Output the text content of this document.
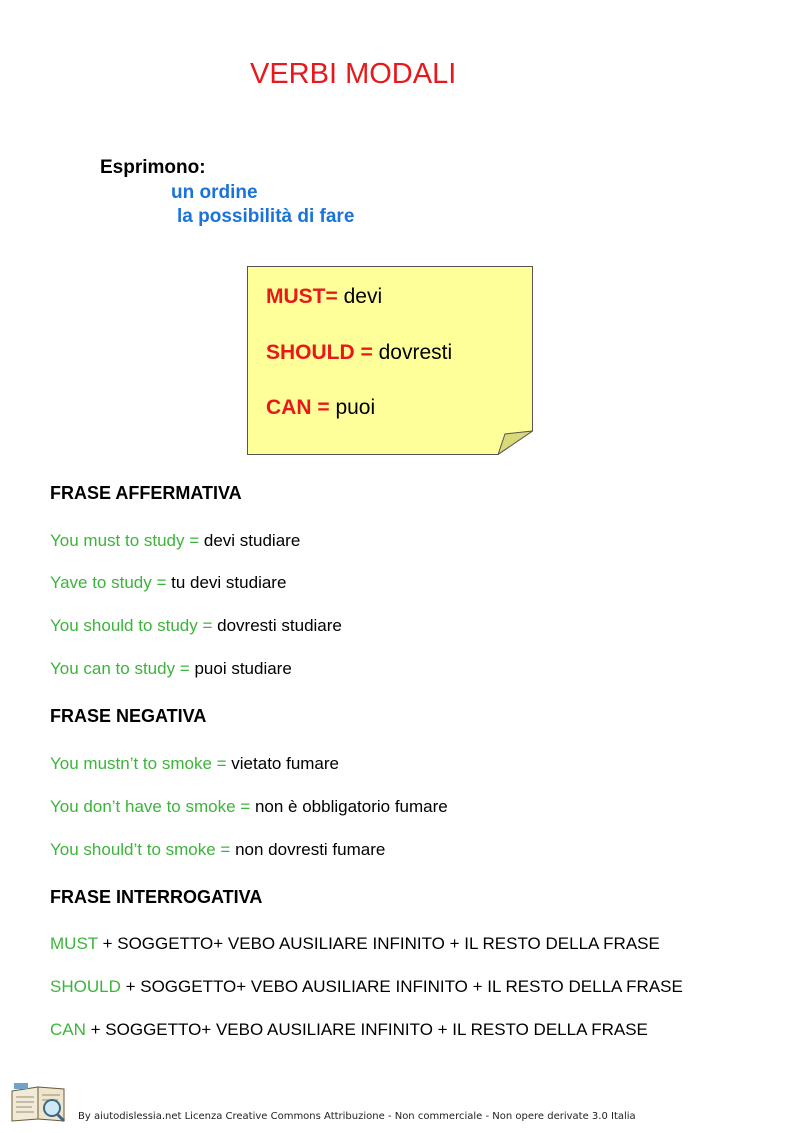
VERBI MODALI
Esprimono:
un ordine
la possibilità di fare
MUST= devi
SHOULD = dovresti
CAN = puoi
FRASE AFFERMATIVA
You must to study = devi studiare
Yave to study = tu devi studiare
You should to study = dovresti studiare
You can to study = puoi studiare
FRASE NEGATIVA
You mustn’t to smoke = vietato fumare
You don’t have to smoke = non è obbligatorio fumare
You should’t to smoke = non dovresti fumare
FRASE INTERROGATIVA
MUST + SOGGETTO+ VEBO AUSILIARE INFINITO + IL RESTO DELLA FRASE
SHOULD + SOGGETTO+ VEBO AUSILIARE INFINITO + IL RESTO DELLA FRASE
CAN + SOGGETTO+ VEBO AUSILIARE INFINITO + IL RESTO DELLA FRASE
By aiutodislessia.net Licenza Creative Commons Attribuzione - Non commerciale - Non opere derivate 3.0 Italia
